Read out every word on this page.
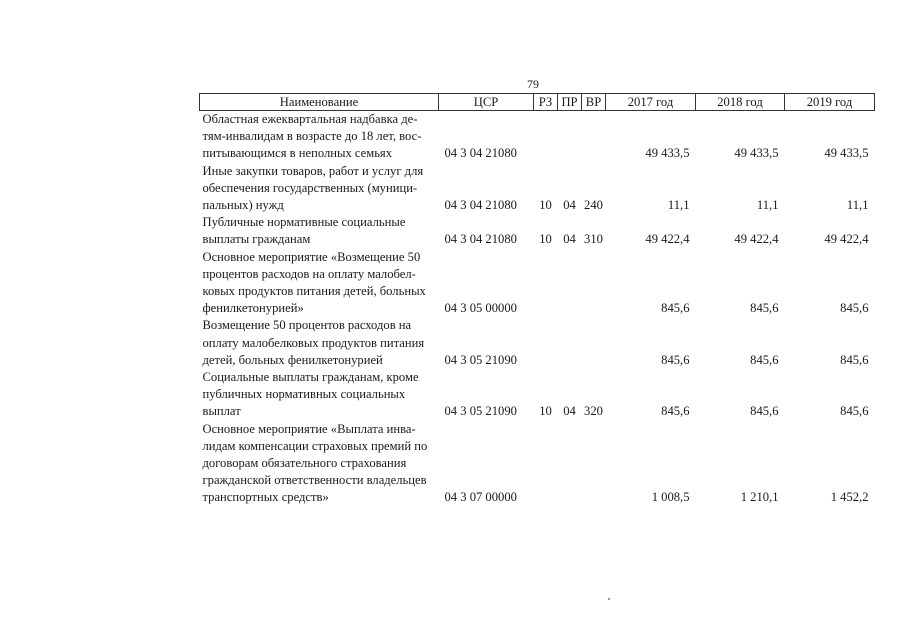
79
Наименование	ЦСР	РЗ	ПР	ВР	2017 год	2018 год	2019 год

Областная ежеквартальная надбавка де-
тям-инвалидам в возрасте до 18 лет, вос-
питывающимся в неполных семьях	04 3 04 21080				49 433,5	49 433,5	49 433,5

Иные закупки товаров, работ и услуг для
обеспечения государственных (муници-
пальных) нужд	04 3 04 21080	10	04	240	11,1	11,1	11,1

Публичные нормативные социальные
выплаты гражданам	04 3 04 21080	10	04	310	49 422,4	49 422,4	49 422,4

Основное мероприятие «Возмещение 50
процентов расходов на оплату малобел-
ковых продуктов питания детей, больных
фенилкетонурией»	04 3 05 00000				845,6	845,6	845,6

Возмещение 50 процентов расходов на
оплату малобелковых продуктов питания
детей, больных фенилкетонурией	04 3 05 21090				845,6	845,6	845,6

Социальные выплаты гражданам, кроме
публичных нормативных социальных
выплат	04 3 05 21090	10	04	320	845,6	845,6	845,6

Основное мероприятие «Выплата инва-
лидам компенсации страховых премий по
договорам обязательного страхования
гражданской ответственности владельцев
транспортных средств»	04 3 07 00000				1 008,5	1 210,1	1 452,2
